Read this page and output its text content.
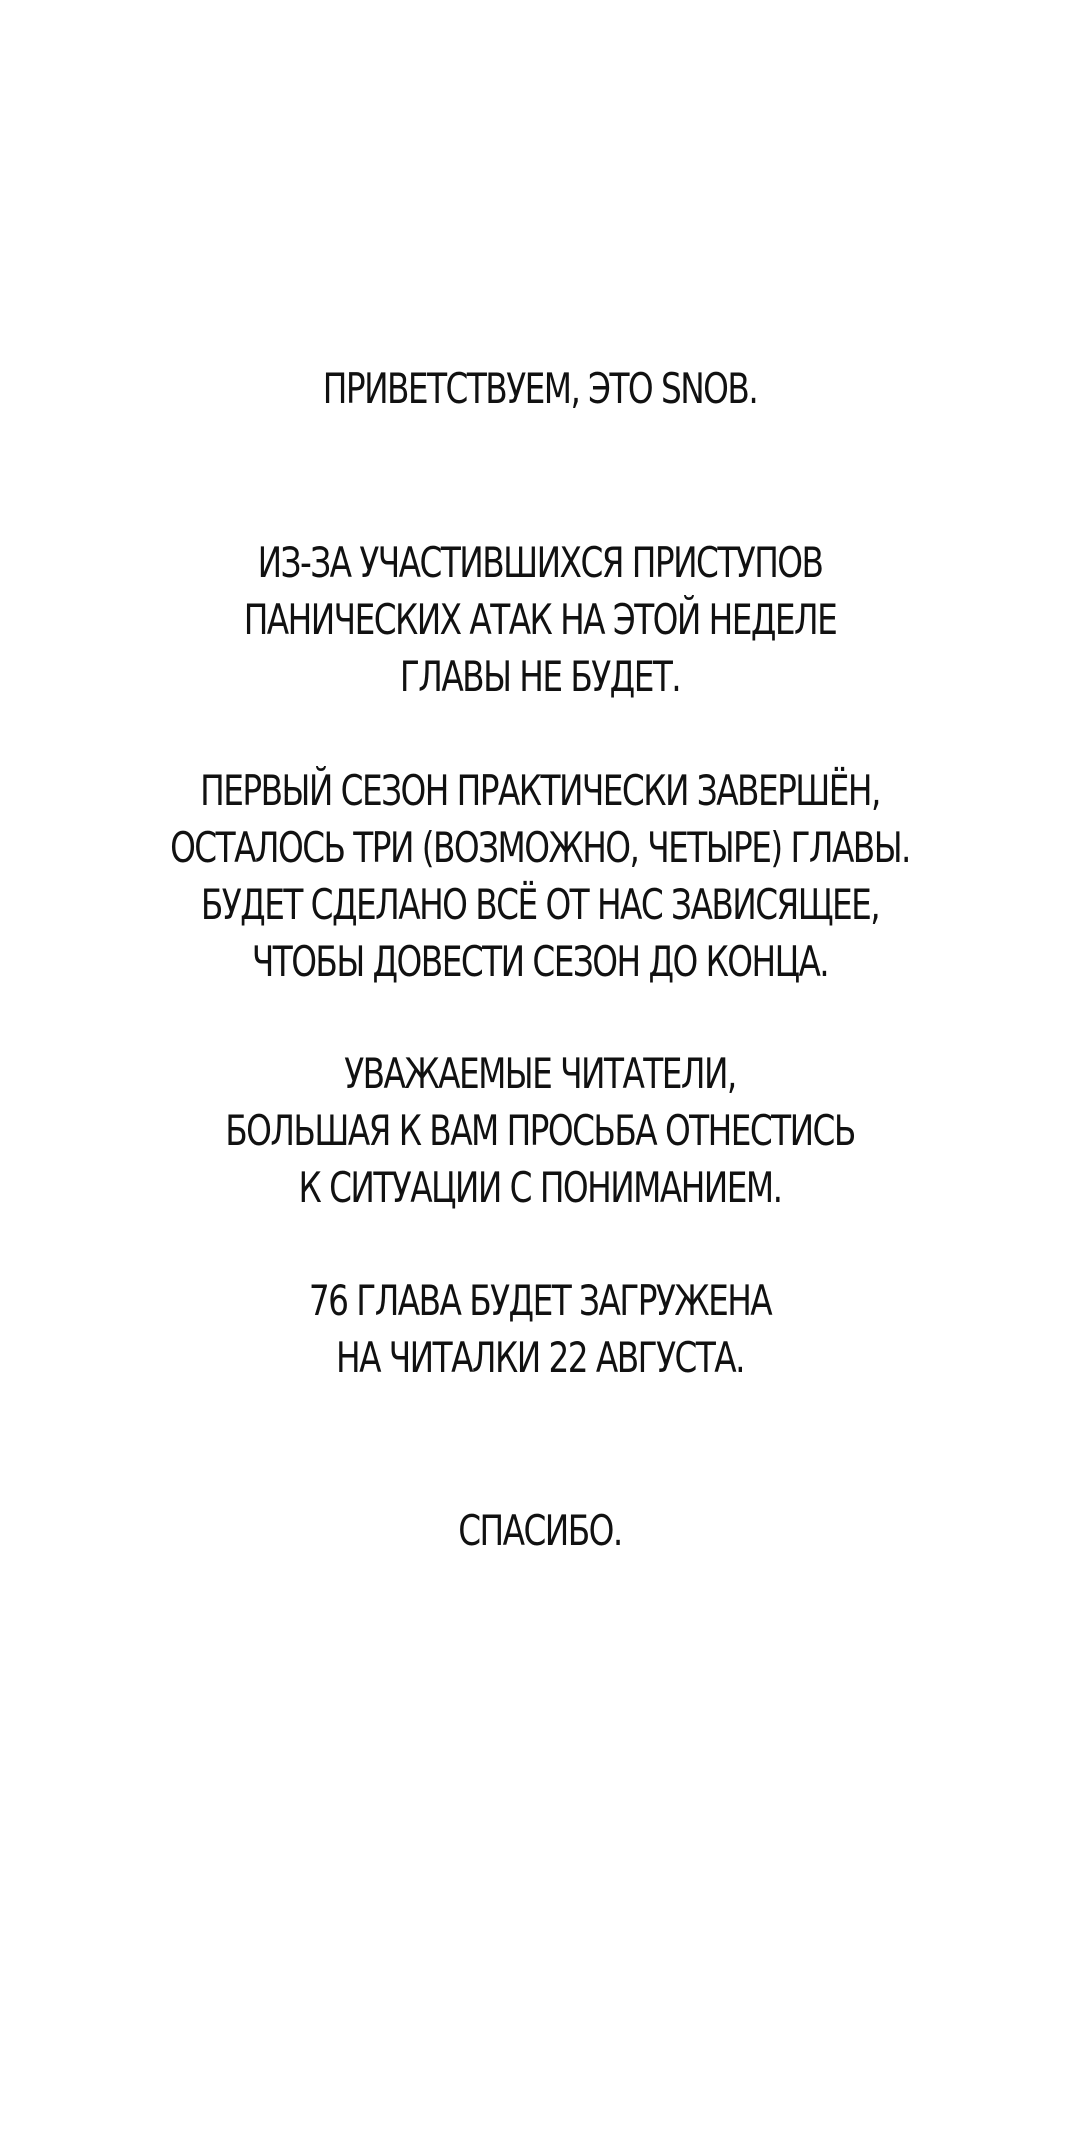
ПРИВЕТСТВУЕМ, ЭТО SNOB.
ИЗ-ЗА УЧАСТИВШИХСЯ ПРИСТУПОВ
ПАНИЧЕСКИХ АТАК НА ЭТОЙ НЕДЕЛЕ
ГЛАВЫ НЕ БУДЕТ.
ПЕРВЫЙ СЕЗОН ПРАКТИЧЕСКИ ЗАВЕРШЁН,
ОСТАЛОСЬ ТРИ (ВОЗМОЖНО, ЧЕТЫРЕ) ГЛАВЫ.
БУДЕТ СДЕЛАНО ВСЁ ОТ НАС ЗАВИСЯЩЕЕ,
ЧТОБЫ ДОВЕСТИ СЕЗОН ДО КОНЦА.
УВАЖАЕМЫЕ ЧИТАТЕЛИ,
БОЛЬШАЯ К ВАМ ПРОСЬБА ОТНЕСТИСЬ
К СИТУАЦИИ С ПОНИМАНИЕМ.
76 ГЛАВА БУДЕТ ЗАГРУЖЕНА
НА ЧИТАЛКИ 22 АВГУСТА.
СПАСИБО.
